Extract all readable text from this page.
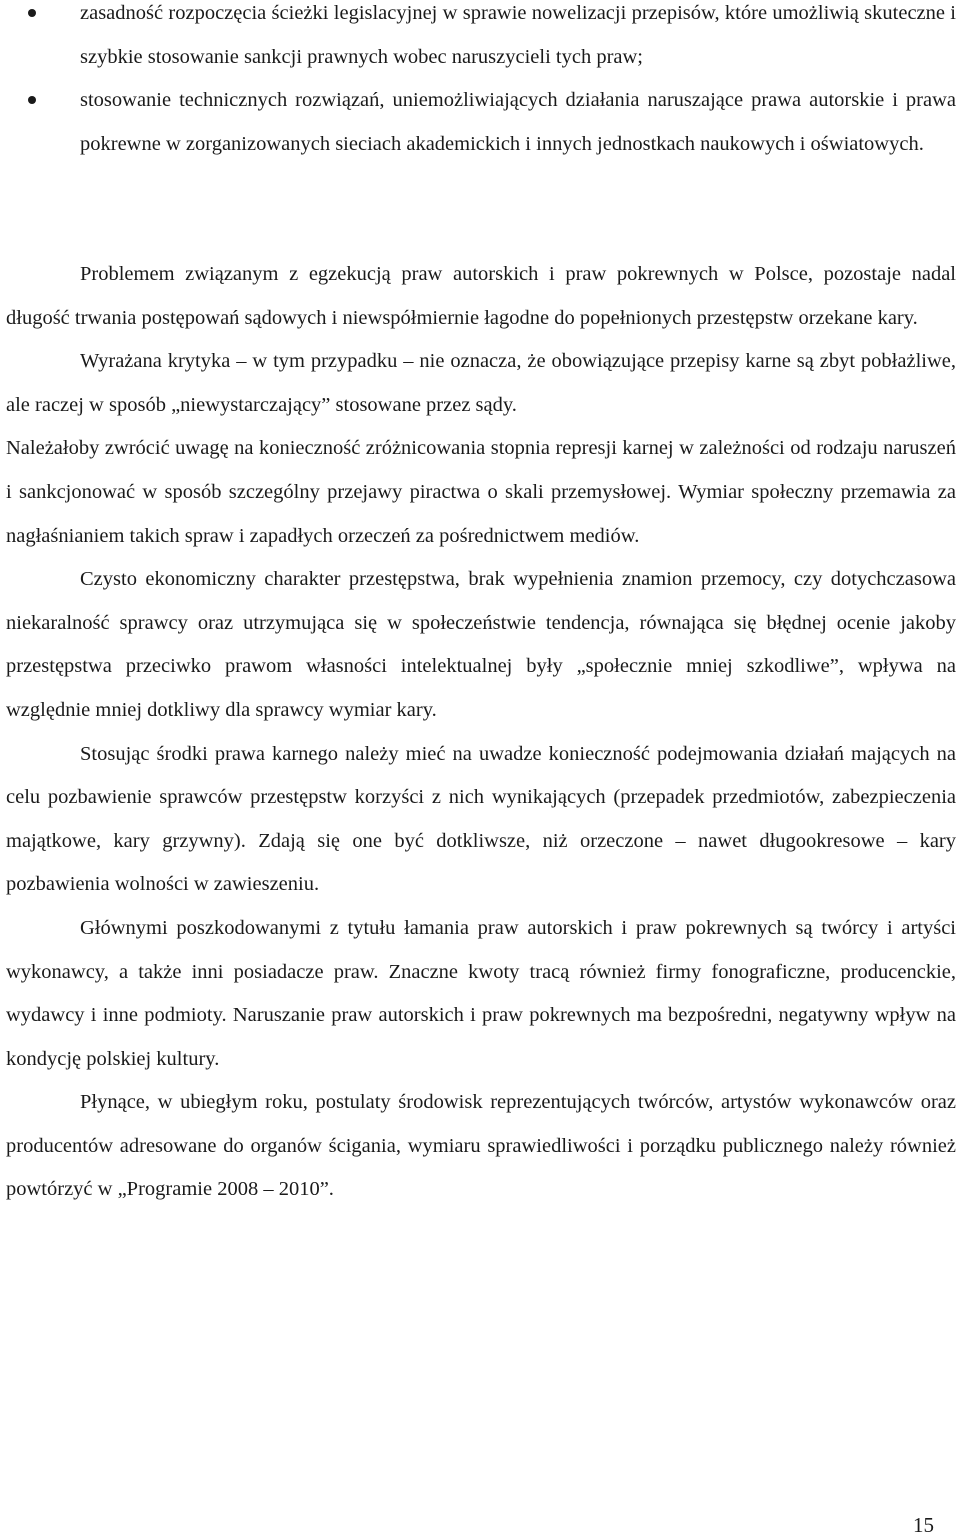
zasadność rozpoczęcia ścieżki legislacyjnej w sprawie nowelizacji przepisów, które umożliwią skuteczne i szybkie stosowanie sankcji prawnych wobec naruszycieli tych praw;
stosowanie technicznych rozwiązań, uniemożliwiających działania naruszające prawa autorskie i prawa pokrewne w zorganizowanych sieciach akademickich i innych jednostkach naukowych i oświatowych.

Problemem związanym z egzekucją praw autorskich i praw pokrewnych w Polsce, pozostaje nadal długość trwania postępowań sądowych i niewspółmiernie łagodne do popełnionych przestępstw orzekane kary.

Wyrażana krytyka – w tym przypadku – nie oznacza, że obowiązujące przepisy karne są zbyt pobłażliwe, ale raczej w sposób „niewystarczający” stosowane przez sądy.

Należałoby zwrócić uwagę na konieczność zróżnicowania stopnia represji karnej w zależności od rodzaju naruszeń i sankcjonować w sposób szczególny przejawy piractwa o skali przemysłowej. Wymiar społeczny przemawia za nagłaśnianiem takich spraw i zapadłych orzeczeń za pośrednictwem mediów.

Czysto ekonomiczny charakter przestępstwa, brak wypełnienia znamion przemocy, czy dotychczasowa niekaralność sprawcy oraz utrzymująca się w społeczeństwie tendencja, równająca się błędnej ocenie jakoby przestępstwa przeciwko prawom własności intelektualnej były „społecznie mniej szkodliwe”, wpływa na względnie mniej dotkliwy dla sprawcy wymiar kary.

Stosując środki prawa karnego należy mieć na uwadze konieczność podejmowania działań mających na celu pozbawienie sprawców przestępstw korzyści z nich wynikających (przepadek przedmiotów, zabezpieczenia majątkowe, kary grzywny). Zdają się one być dotkliwsze, niż orzeczone – nawet długookresowe – kary pozbawienia wolności w zawieszeniu.

Głównymi poszkodowanymi z tytułu łamania praw autorskich i praw pokrewnych są twórcy i artyści wykonawcy, a także inni posiadacze praw. Znaczne kwoty tracą również firmy fonograficzne, producenckie, wydawcy i inne podmioty. Naruszanie praw autorskich i praw pokrewnych ma bezpośredni, negatywny wpływ na kondycję polskiej kultury.

Płynące, w ubiegłym roku, postulaty środowisk reprezentujących twórców, artystów wykonawców oraz producentów adresowane do organów ścigania, wymiaru sprawiedliwości i porządku publicznego należy również powtórzyć w „Programie 2008 – 2010”.

15
